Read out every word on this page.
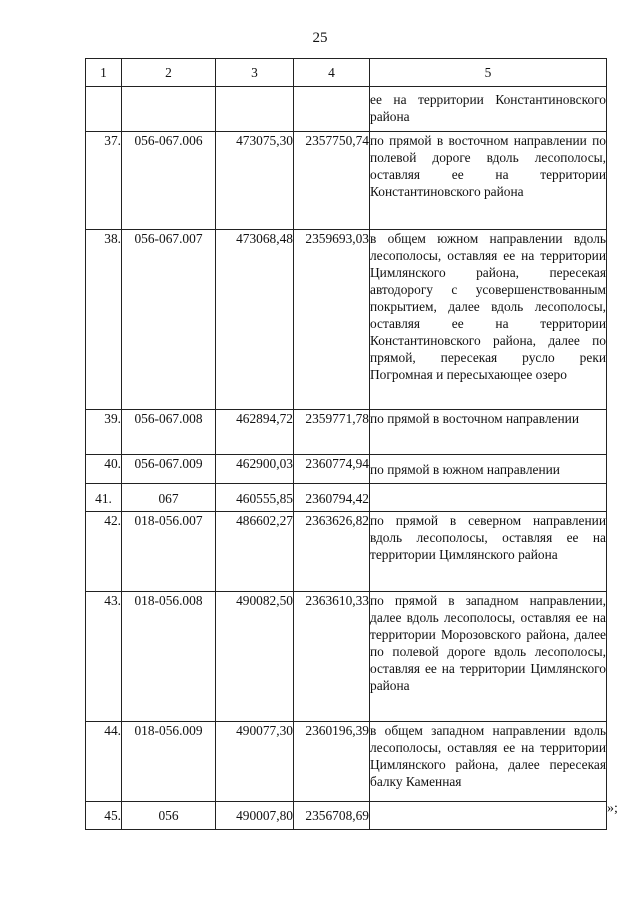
25
1	2	3	4	5
				ее на территории Константиновского района
37.	056-067.006	473075,30	2357750,74	по прямой в восточном направлении по полевой дороге вдоль лесополосы, оставляя ее на территории Константиновского района
38.	056-067.007	473068,48	2359693,03	в общем южном направлении вдоль лесополосы, оставляя ее на территории Цимлянского района, пересекая автодорогу с усовершенствованным покрытием, далее вдоль лесополосы, оставляя ее на территории Константиновского района, далее по прямой, пересекая русло реки Погромная и пересыхающее озеро
39.	056-067.008	462894,72	2359771,78	по прямой в восточном направлении
40.	056-067.009	462900,03	2360774,94	по прямой в южном направлении
41.	067	460555,85	2360794,42	
42.	018-056.007	486602,27	2363626,82	по прямой в северном направлении вдоль лесополосы, оставляя ее на территории Цимлянского района
43.	018-056.008	490082,50	2363610,33	по прямой в западном направлении, далее вдоль лесополосы, оставляя ее на территории Морозовского района, далее по полевой дороге вдоль лесополосы, оставляя ее на территории Цимлянского района
44.	018-056.009	490077,30	2360196,39	в общем западном направлении вдоль лесополосы, оставляя ее на территории Цимлянского района, далее пересекая балку Каменная
45.	056	490007,80	2356708,69		»;
